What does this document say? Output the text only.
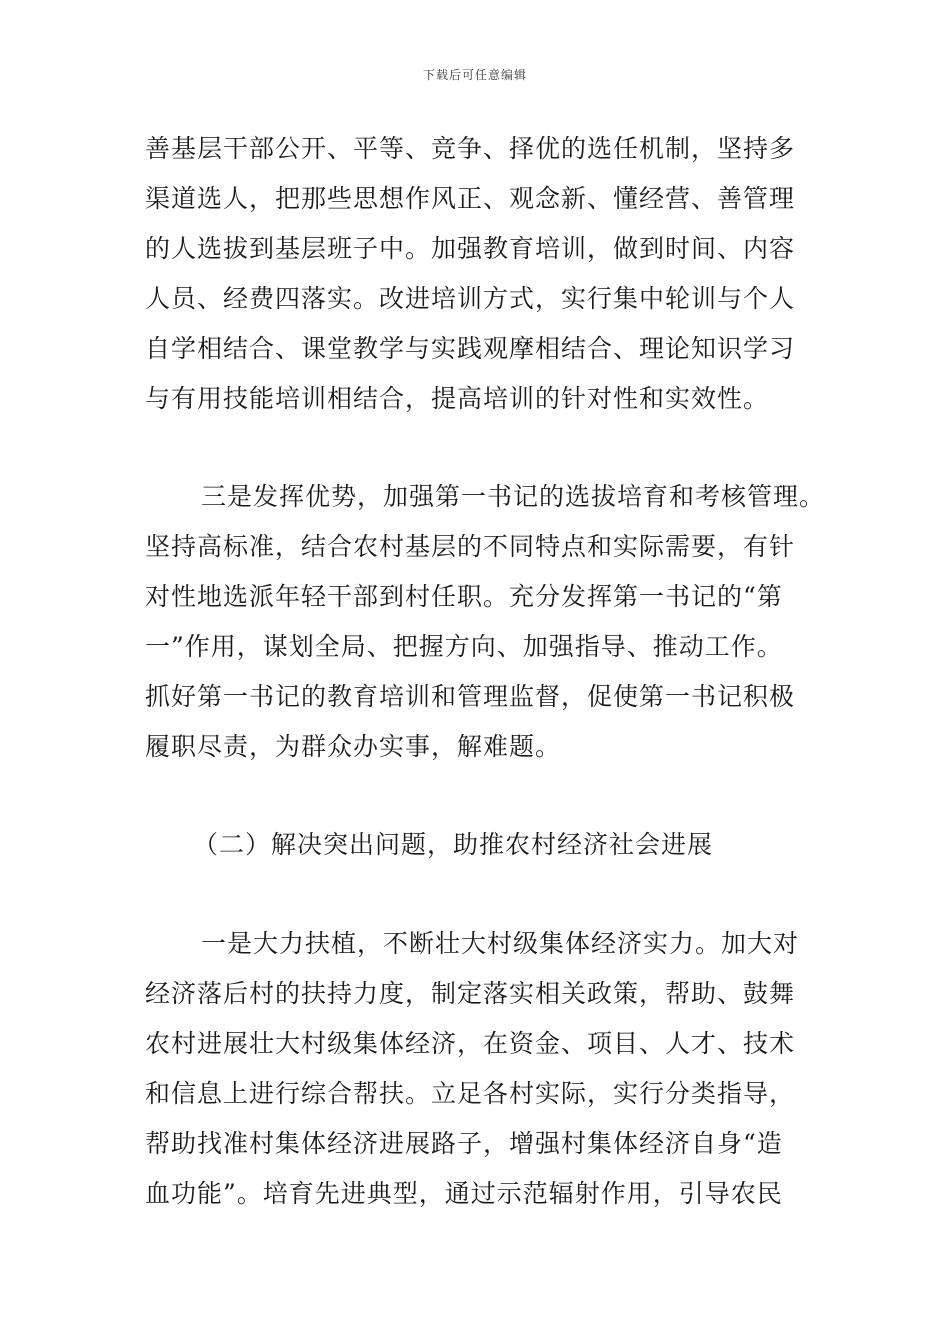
下载后可任意编辑
善基层干部公开、平等、竞争、择优的选任机制，坚持多
渠道选人，把那些思想作风正、观念新、懂经营、善管理
的人选拔到基层班子中。加强教育培训，做到时间、内容
人员、经费四落实。改进培训方式，实行集中轮训与个人
自学相结合、课堂教学与实践观摩相结合、理论知识学习
与有用技能培训相结合，提高培训的针对性和实效性。
三是发挥优势，加强第一书记的选拔培育和考核管理。
坚持高标准，结合农村基层的不同特点和实际需要，有针
对性地选派年轻干部到村任职。充分发挥第一书记的“第
一”作用，谋划全局、把握方向、加强指导、推动工作。
抓好第一书记的教育培训和管理监督，促使第一书记积极
履职尽责，为群众办实事，解难题。
（二）解决突出问题，助推农村经济社会进展
一是大力扶植，不断壮大村级集体经济实力。加大对
经济落后村的扶持力度，制定落实相关政策，帮助、鼓舞
农村进展壮大村级集体经济，在资金、项目、人才、技术
和信息上进行综合帮扶。立足各村实际，实行分类指导，
帮助找准村集体经济进展路子，增强村集体经济自身“造
血功能”。培育先进典型，通过示范辐射作用，引导农民
